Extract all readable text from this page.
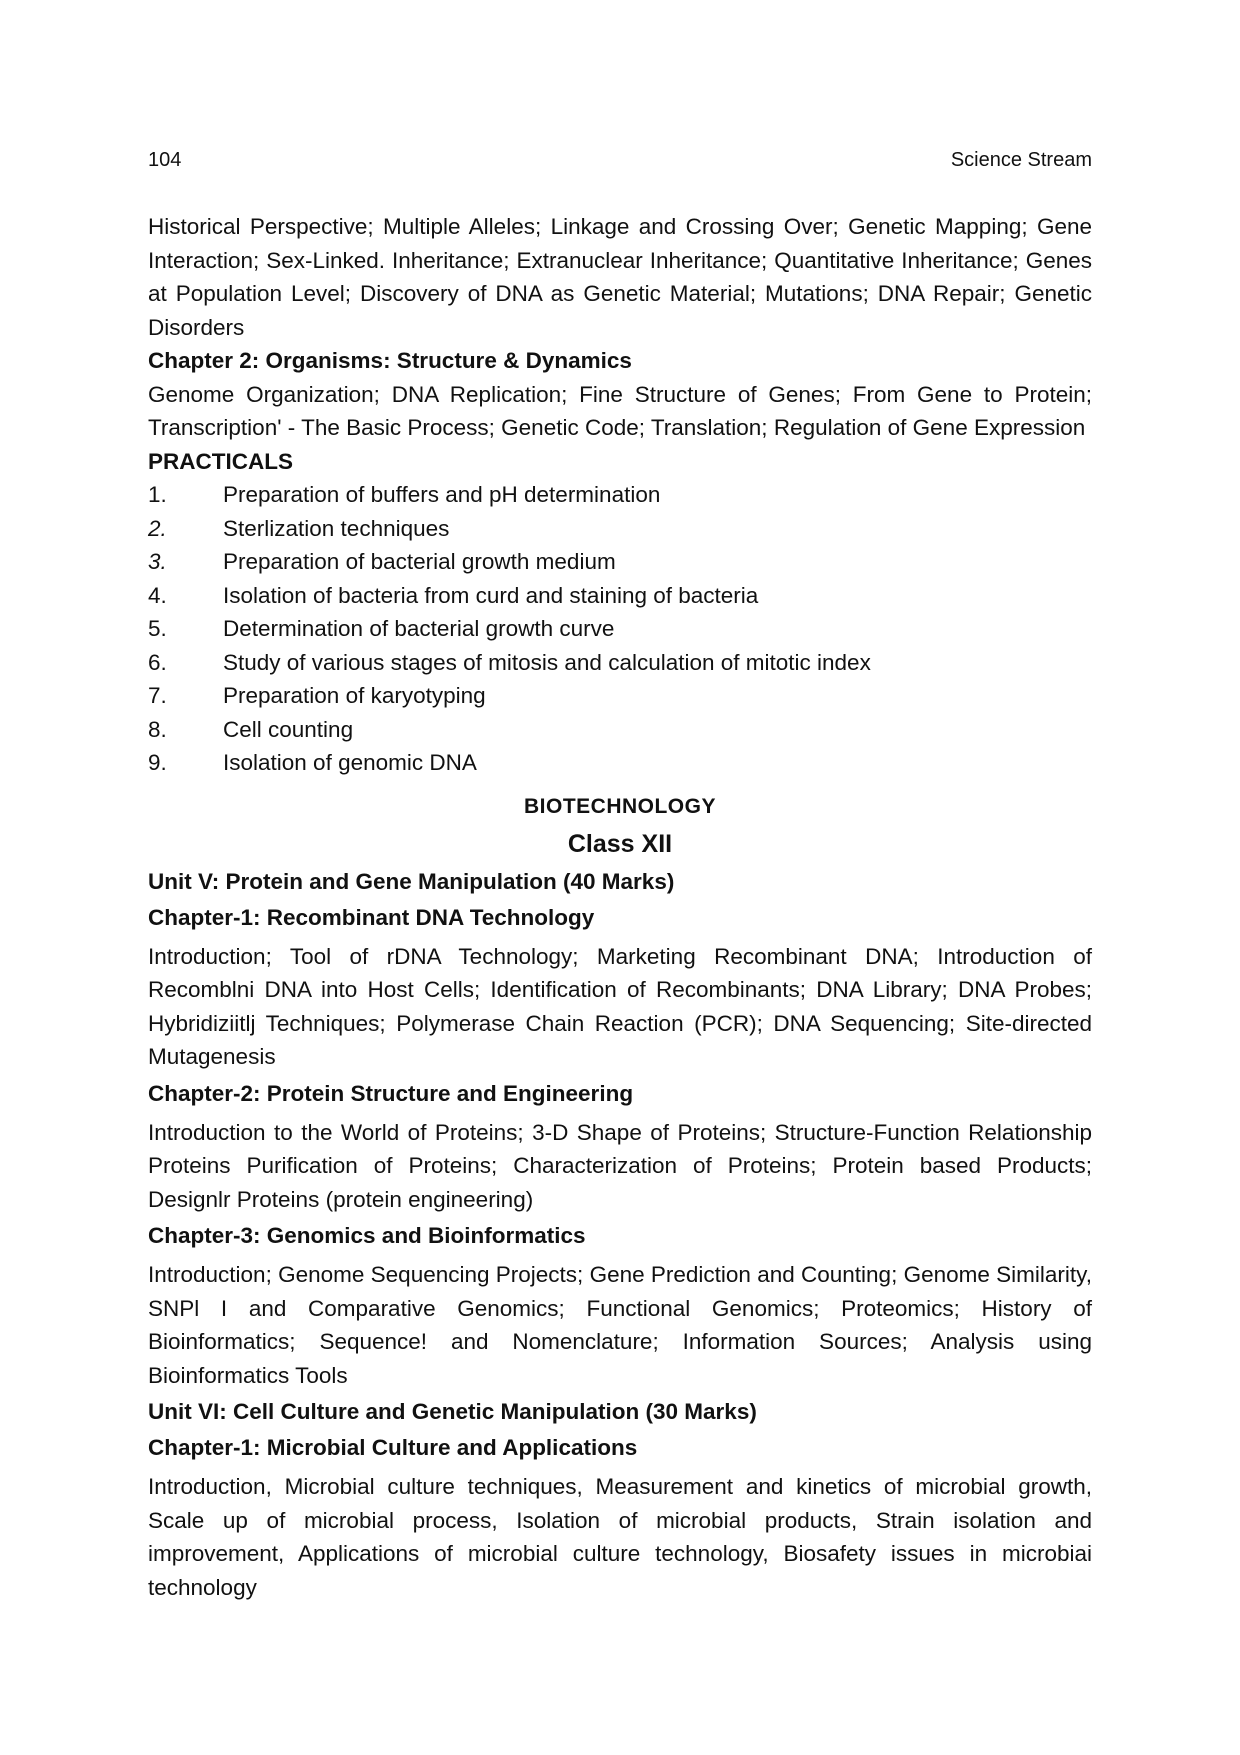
104	Science Stream

Historical Perspective; Multiple Alleles; Linkage and Crossing Over; Genetic Mapping; Gene Interaction; Sex-Linked. Inheritance; Extranuclear Inheritance; Quantitative Inheritance; Genes at Population Level; Discovery of DNA as Genetic Material; Mutations; DNA Repair; Genetic Disorders

Chapter 2: Organisms: Structure & Dynamics

Genome Organization; DNA Replication; Fine Structure of Genes; From Gene to Protein; Transcription' - The Basic Process; Genetic Code; Translation; Regulation of Gene Expression

PRACTICALS

1.	Preparation of buffers and pH determination
2.	Sterlization techniques
3.	Preparation of bacterial growth medium
4.	Isolation of bacteria from curd and staining of bacteria
5.	Determination of bacterial growth curve
6.	Study of various stages of mitosis and calculation of mitotic index
7.	Preparation of karyotyping
8.	Cell counting
9.	Isolation of genomic DNA

BIOTECHNOLOGY

Class XII

Unit V: Protein and Gene Manipulation (40 Marks)

Chapter-1: Recombinant DNA Technology

Introduction; Tool of rDNA Technology; Marketing Recombinant DNA; Introduction of Recomblni DNA into Host Cells; Identification of Recombinants; DNA Library; DNA Probes; Hybridiziitlj Techniques; Polymerase Chain Reaction (PCR); DNA Sequencing; Site-directed Mutagenesis

Chapter-2: Protein Structure and Engineering

Introduction to the World of Proteins; 3-D Shape of Proteins; Structure-Function Relationship Proteins Purification of Proteins; Characterization of Proteins; Protein based Products; Designlr Proteins (protein engineering)

Chapter-3: Genomics and Bioinformatics

Introduction; Genome Sequencing Projects; Gene Prediction and Counting; Genome Similarity, SNPl I and Comparative Genomics; Functional Genomics; Proteomics; History of Bioinformatics; Sequence! and Nomenclature; Information Sources; Analysis using Bioinformatics Tools

Unit VI: Cell Culture and Genetic Manipulation (30 Marks)

Chapter-1: Microbial Culture and Applications

Introduction, Microbial culture techniques, Measurement and kinetics of microbial growth, Scale up of microbial process, Isolation of microbial products, Strain isolation and improvement, Applications of microbial culture technology, Biosafety issues in microbiai technology
